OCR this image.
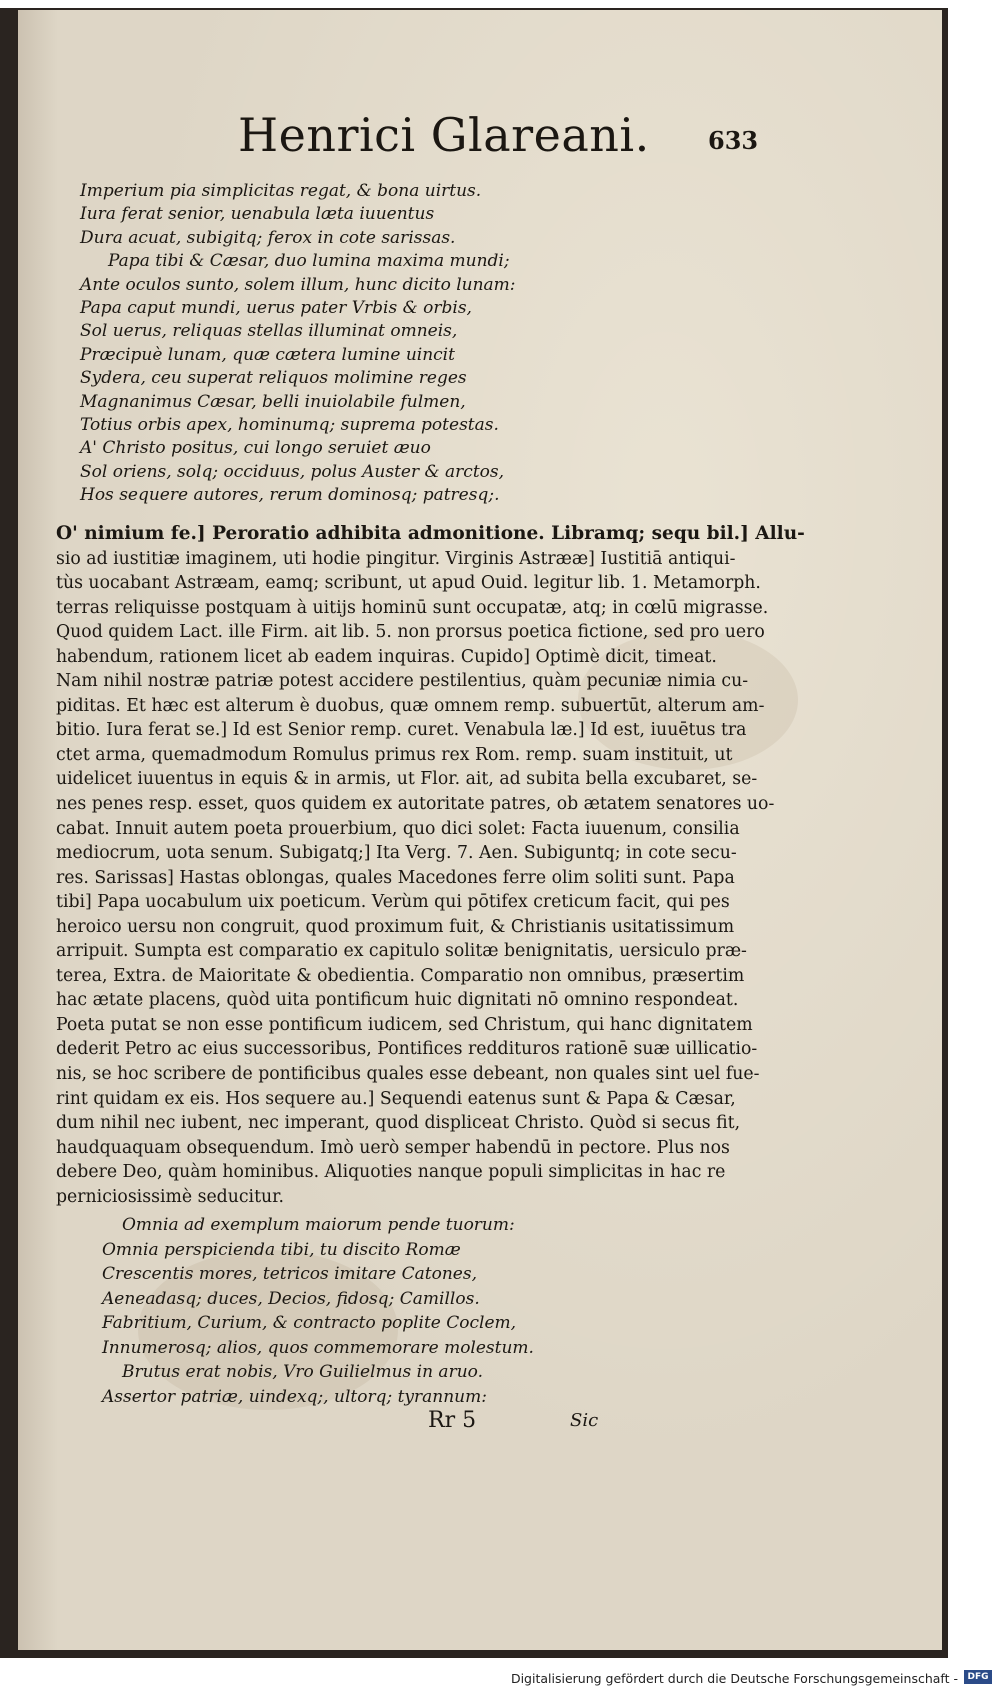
Henrici Glareani. 633
Imperium pia simplicitas regat, & bona uirtus.
Iura ferat senior, uenabula læta iuuentus
Dura acuat, subigitq; ferox in cote sarissas.
Papa tibi & Cæsar, duo lumina maxima mundi;
Ante oculos sunto, solem illum, hunc dicito lunam:
Papa caput mundi, uerus pater Vrbis & orbis,
Sol uerus, reliquas stellas illuminat omneis,
Præcipuè lunam, quæ cætera lumine uincit
Sydera, ceu superat reliquos molimine reges
Magnanimus Cæsar, belli inuiolabile fulmen,
Totius orbis apex, hominumq; suprema potestas.
A' Christo positus, cui longo seruiet æuo
Sol oriens, solq; occiduus, polus Auster & arctos,
Hos sequere autores, rerum dominosq; patresq;.
O' nimium fe.] Peroratio adhibita admonitione. Libramq; sequ bil.] Allu-
sio ad iustitiæ imaginem, uti hodie pingitur. Virginis Astrææ] Iustitiā antiqui-
tùs uocabant Astræam, eamq; scribunt, ut apud Ouid. legitur lib. 1. Metamorph.
terras reliquisse postquam à uitijs hominū sunt occupatæ, atq; in cœlū migrasse.
Quod quidem Lact. ille Firm. ait lib. 5. non prorsus poetica fictione, sed pro uero
habendum, rationem licet ab eadem inquiras. Cupido] Optimè dicit, timeat.
Nam nihil nostræ patriæ potest accidere pestilentius, quàm pecuniæ nimia cu-
piditas. Et hæc est alterum è duobus, quæ omnem remp. subuertūt, alterum am-
bitio. Iura ferat se.] Id est Senior remp. curet. Venabula læ.] Id est, iuuētus tra
ctet arma, quemadmodum Romulus primus rex Rom. remp. suam instituit, ut
uidelicet iuuentus in equis & in armis, ut Flor. ait, ad subita bella excubaret, se-
nes penes resp. esset, quos quidem ex autoritate patres, ob ætatem senatores uo-
cabat. Innuit autem poeta prouerbium, quo dici solet: Facta iuuenum, consilia
mediocrum, uota senum. Subigatq;] Ita Verg. 7. Aen. Subiguntq; in cote secu-
res. Sarissas] Hastas oblongas, quales Macedones ferre olim soliti sunt. Papa
tibi] Papa uocabulum uix poeticum. Verùm qui pōtifex creticum facit, qui pes
heroico uersu non congruit, quod proximum fuit, & Christianis usitatissimum
arripuit. Sumpta est comparatio ex capitulo solitæ benignitatis, uersiculo præ-
terea, Extra. de Maioritate & obedientia. Comparatio non omnibus, præsertim
hac ætate placens, quòd uita pontificum huic dignitati nō omnino respondeat.
Poeta putat se non esse pontificum iudicem, sed Christum, qui hanc dignitatem
dederit Petro ac eius successoribus, Pontifices reddituros rationē suæ uillicatio-
nis, se hoc scribere de pontificibus quales esse debeant, non quales sint uel fue-
rint quidam ex eis. Hos sequere au.] Sequendi eatenus sunt & Papa & Cæsar,
dum nihil nec iubent, nec imperant, quod displiceat Christo. Quòd si secus fit,
haudquaquam obsequendum. Imò uerò semper habendū in pectore. Plus nos
debere Deo, quàm hominibus. Aliquoties nanque populi simplicitas in hac re
perniciosissimè seducitur.
Omnia ad exemplum maiorum pende tuorum:
Omnia perspicienda tibi, tu discito Romæ
Crescentis mores, tetricos imitare Catones,
Aeneadasq; duces, Decios, fidosq; Camillos.
Fabritium, Curium, & contracto poplite Coclem,
Innumerosq; alios, quos commemorare molestum.
Brutus erat nobis, Vro Guilielmus in aruo.
Assertor patriæ, uindexq;, ultorq; tyrannum:
Rr 5	Sic
Digitalisierung gefördert durch die Deutsche Forschungsgemeinschaft -	DFG
